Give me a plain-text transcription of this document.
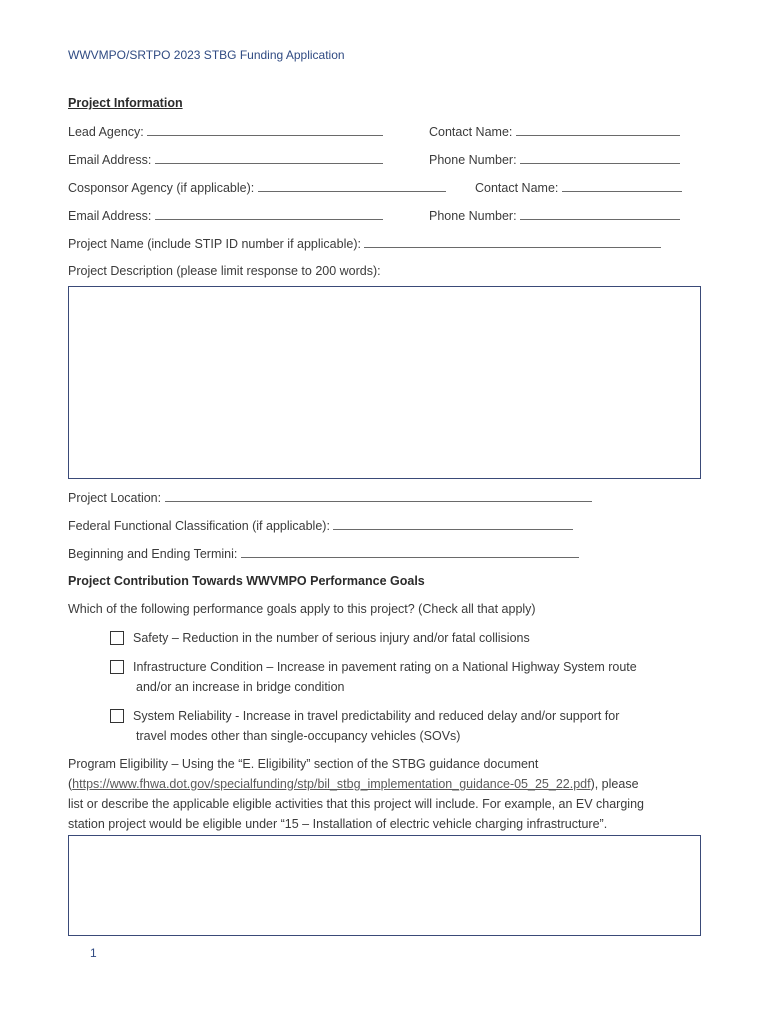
WWVMPO/SRTPO 2023 STBG Funding Application
Project Information
Lead Agency:	Contact Name:
Email Address:	Phone Number:
Cosponsor Agency (if applicable):	Contact Name:
Email Address:	Phone Number:
Project Name (include STIP ID number if applicable):
Project Description (please limit response to 200 words):
Project Location:
Federal Functional Classification (if applicable):
Beginning and Ending Termini:
Project Contribution Towards WWVMPO Performance Goals
Which of the following performance goals apply to this project? (Check all that apply)
Safety – Reduction in the number of serious injury and/or fatal collisions
Infrastructure Condition – Increase in pavement rating on a National Highway System route
and/or an increase in bridge condition
System Reliability - Increase in travel predictability and reduced delay and/or support for
travel modes other than single-occupancy vehicles (SOVs)
Program Eligibility – Using the “E. Eligibility” section of the STBG guidance document
(https://www.fhwa.dot.gov/specialfunding/stp/bil_stbg_implementation_guidance-05_25_22.pdf), please
list or describe the applicable eligible activities that this project will include. For example, an EV charging
station project would be eligible under “15 – Installation of electric vehicle charging infrastructure”.
1
